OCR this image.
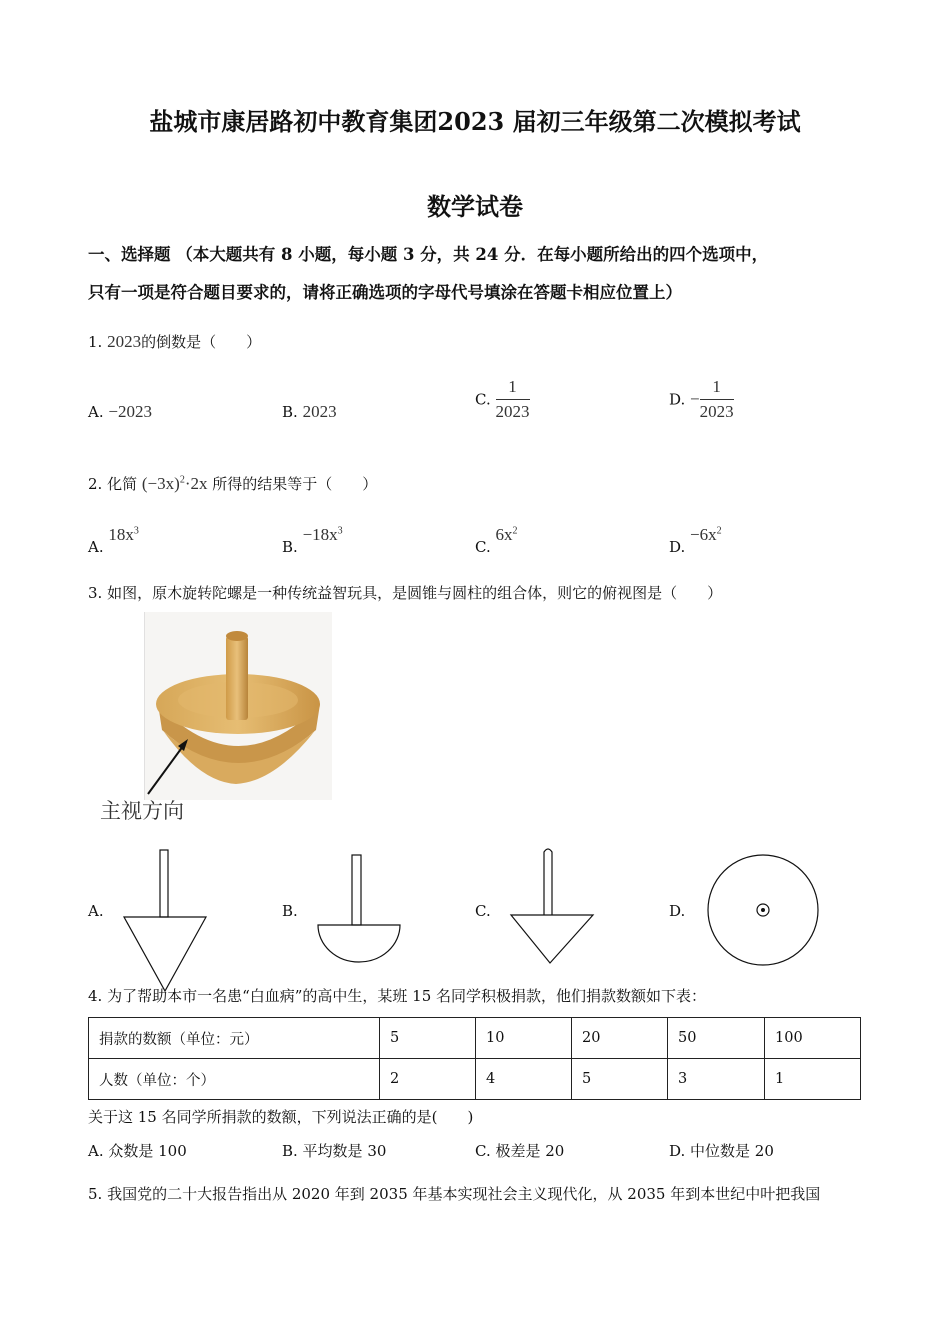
盐城市康居路初中教育集团2023 届初三年级第二次模拟考试
数学试卷
一、选择题 （本大题共有 8 小题，每小题 3 分，共 24 分．在每小题所给出的四个选项中，
只有一项是符合题目要求的，请将正确选项的字母代号填涂在答题卡相应位置上）
1. 2023的倒数是（　　）
A. −2023	B. 2023
C. $\frac{1}{2023}$	D. − $\frac{1}{2023}$
2. 化简 $(-3x)^2\cdot 2x$ 所得的结果等于（　　）
A. $18x^3$
B. $-18x^3$
C. $6x^2$
D. $-6x^2$
3. 如图，原木旋转陀螺是一种传统益智玩具，是圆锥与圆柱的组合体，则它的俯视图是（　　）
主视方向
A.	B.	C.	D.
4. 为了帮助本市一名患“白血病”的高中生，某班 15 名同学积极捐款，他们捐款数额如下表：
捐款的数额（单位：元）	5	10	20	50	100
人数（单位：个）	2	4	5	3	1
关于这 15 名同学所捐款的数额，下列说法正确的是(　　)
A. 众数是 100	B. 平均数是 30	C. 极差是 20	D. 中位数是 20
5. 我国党的二十大报告指出从 2020 年到 2035 年基本实现社会主义现代化，从 2035 年到本世纪中叶把我国
